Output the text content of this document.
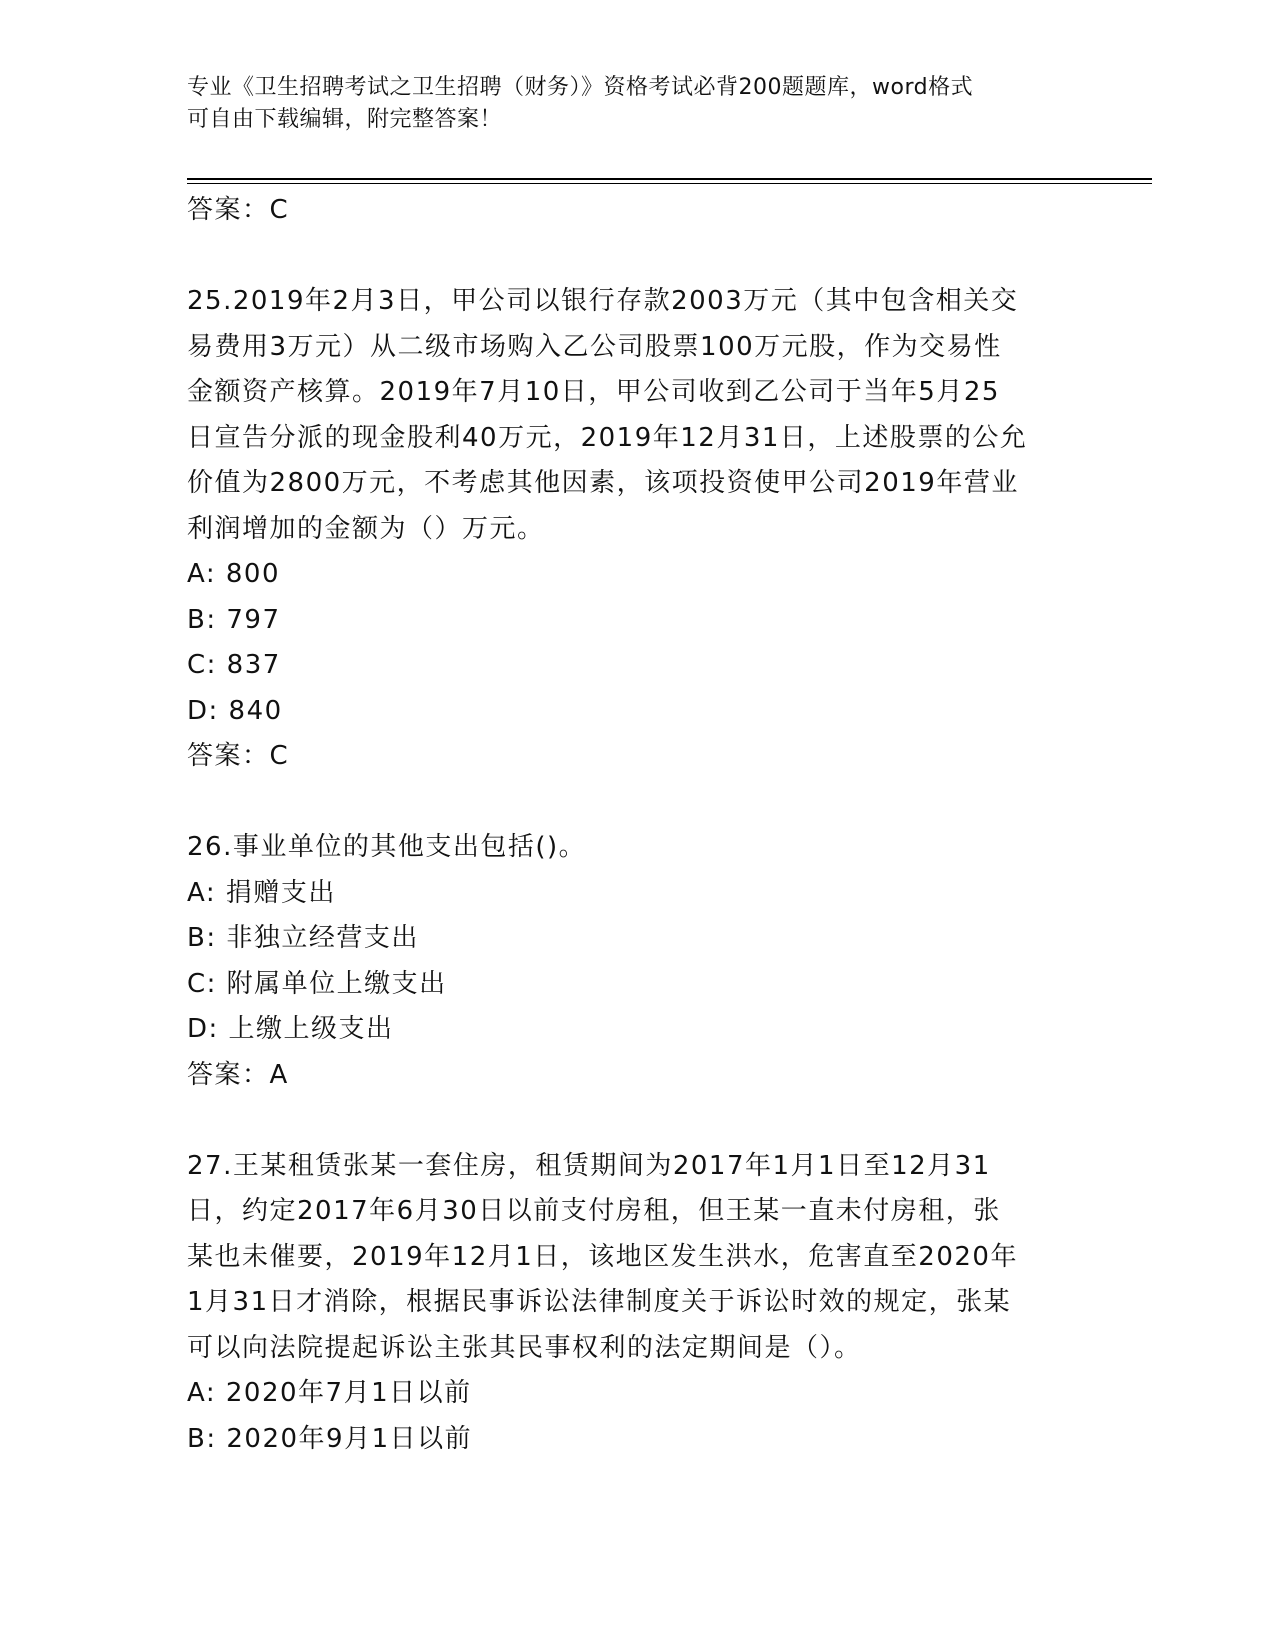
专业《卫生招聘考试之卫生招聘（财务）》资格考试必背200题题库，word格式
可自由下载编辑，附完整答案！
答案：C
25.2019年2月3日，甲公司以银行存款2003万元（其中包含相关交
易费用3万元）从二级市场购入乙公司股票100万元股，作为交易性
金额资产核算。2019年7月10日，甲公司收到乙公司于当年5月25
日宣告分派的现金股利40万元，2019年12月31日，上述股票的公允
价值为2800万元，不考虑其他因素，该项投资使甲公司2019年营业
利润增加的金额为（）万元。
A: 800
B: 797
C: 837
D: 840
答案：C
26.事业单位的其他支出包括()。
A: 捐赠支出
B: 非独立经营支出
C: 附属单位上缴支出
D: 上缴上级支出
答案：A
27.王某租赁张某一套住房，租赁期间为2017年1月1日至12月31
日，约定2017年6月30日以前支付房租，但王某一直未付房租，张
某也未催要，2019年12月1日，该地区发生洪水，危害直至2020年
1月31日才消除，根据民事诉讼法律制度关于诉讼时效的规定，张某
可以向法院提起诉讼主张其民事权利的法定期间是（）。
A: 2020年7月1日以前
B: 2020年9月1日以前
